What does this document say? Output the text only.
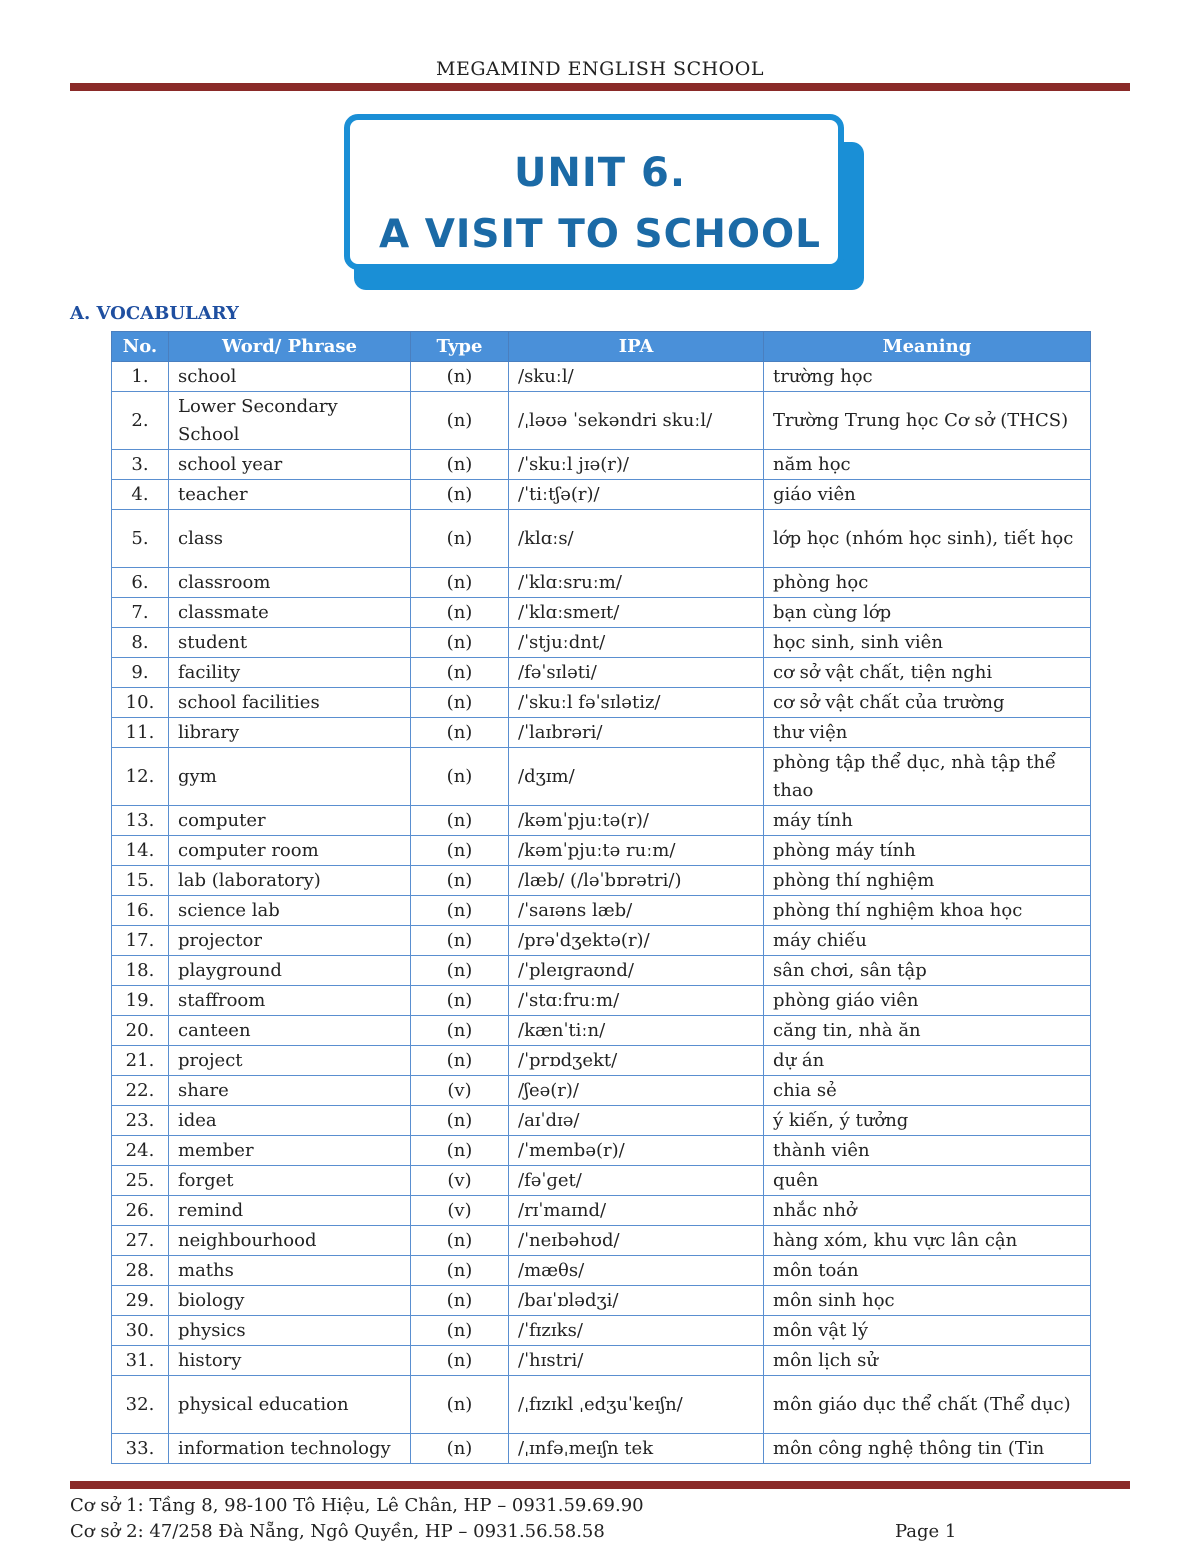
MEGAMIND ENGLISH SCHOOL
UNIT 6.
A VISIT TO SCHOOL
A. VOCABULARY
No.	Word/ Phrase	Type	IPA	Meaning
1.	school	(n)	/skuːl/	trường học
2.	Lower Secondary School	(n)	/ˌləʊə ˈsekəndri skuːl/	Trường Trung học Cơ sở (THCS)
3.	school year	(n)	/ˈskuːl jɪə(r)/	năm học
4.	teacher	(n)	/ˈtiːtʃə(r)/	giáo viên
5.	class	(n)	/klɑːs/	lớp học (nhóm học sinh), tiết học
6.	classroom	(n)	/ˈklɑːsruːm/	phòng học
7.	classmate	(n)	/ˈklɑːsmeɪt/	bạn cùng lớp
8.	student	(n)	/ˈstjuːdnt/	học sinh, sinh viên
9.	facility	(n)	/fəˈsɪləti/	cơ sở vật chất, tiện nghi
10.	school facilities	(n)	/ˈskuːl fəˈsɪlətiz/	cơ sở vật chất của trường
11.	library	(n)	/ˈlaɪbrəri/	thư viện
12.	gym	(n)	/dʒɪm/	phòng tập thể dục, nhà tập thể thao
13.	computer	(n)	/kəmˈpjuːtə(r)/	máy tính
14.	computer room	(n)	/kəmˈpjuːtə ruːm/	phòng máy tính
15.	lab (laboratory)	(n)	/læb/ (/ləˈbɒrətri/)	phòng thí nghiệm
16.	science lab	(n)	/ˈsaɪəns læb/	phòng thí nghiệm khoa học
17.	projector	(n)	/prəˈdʒektə(r)/	máy chiếu
18.	playground	(n)	/ˈpleɪɡraʊnd/	sân chơi, sân tập
19.	staffroom	(n)	/ˈstɑːfruːm/	phòng giáo viên
20.	canteen	(n)	/kænˈtiːn/	căng tin, nhà ăn
21.	project	(n)	/ˈprɒdʒekt/	dự án
22.	share	(v)	/ʃeə(r)/	chia sẻ
23.	idea	(n)	/aɪˈdɪə/	ý kiến, ý tưởng
24.	member	(n)	/ˈmembə(r)/	thành viên
25.	forget	(v)	/fəˈɡet/	quên
26.	remind	(v)	/rɪˈmaɪnd/	nhắc nhở
27.	neighbourhood	(n)	/ˈneɪbəhʊd/	hàng xóm, khu vực lân cận
28.	maths	(n)	/mæθs/	môn toán
29.	biology	(n)	/baɪˈɒlədʒi/	môn sinh học
30.	physics	(n)	/ˈfɪzɪks/	môn vật lý
31.	history	(n)	/ˈhɪstri/	môn lịch sử
32.	physical education	(n)	/ˌfɪzɪkl ˌedʒuˈkeɪʃn/	môn giáo dục thể chất (Thể dục)
33.	information technology	(n)	/ˌɪnfəˌmeɪʃn tek	môn công nghệ thông tin (Tin
Cơ sở 1: Tầng 8, 98-100 Tô Hiệu, Lê Chân, HP – 0931.59.69.90
Cơ sở 2: 47/258 Đà Nẵng, Ngô Quyền, HP – 0931.56.58.58	Page 1
